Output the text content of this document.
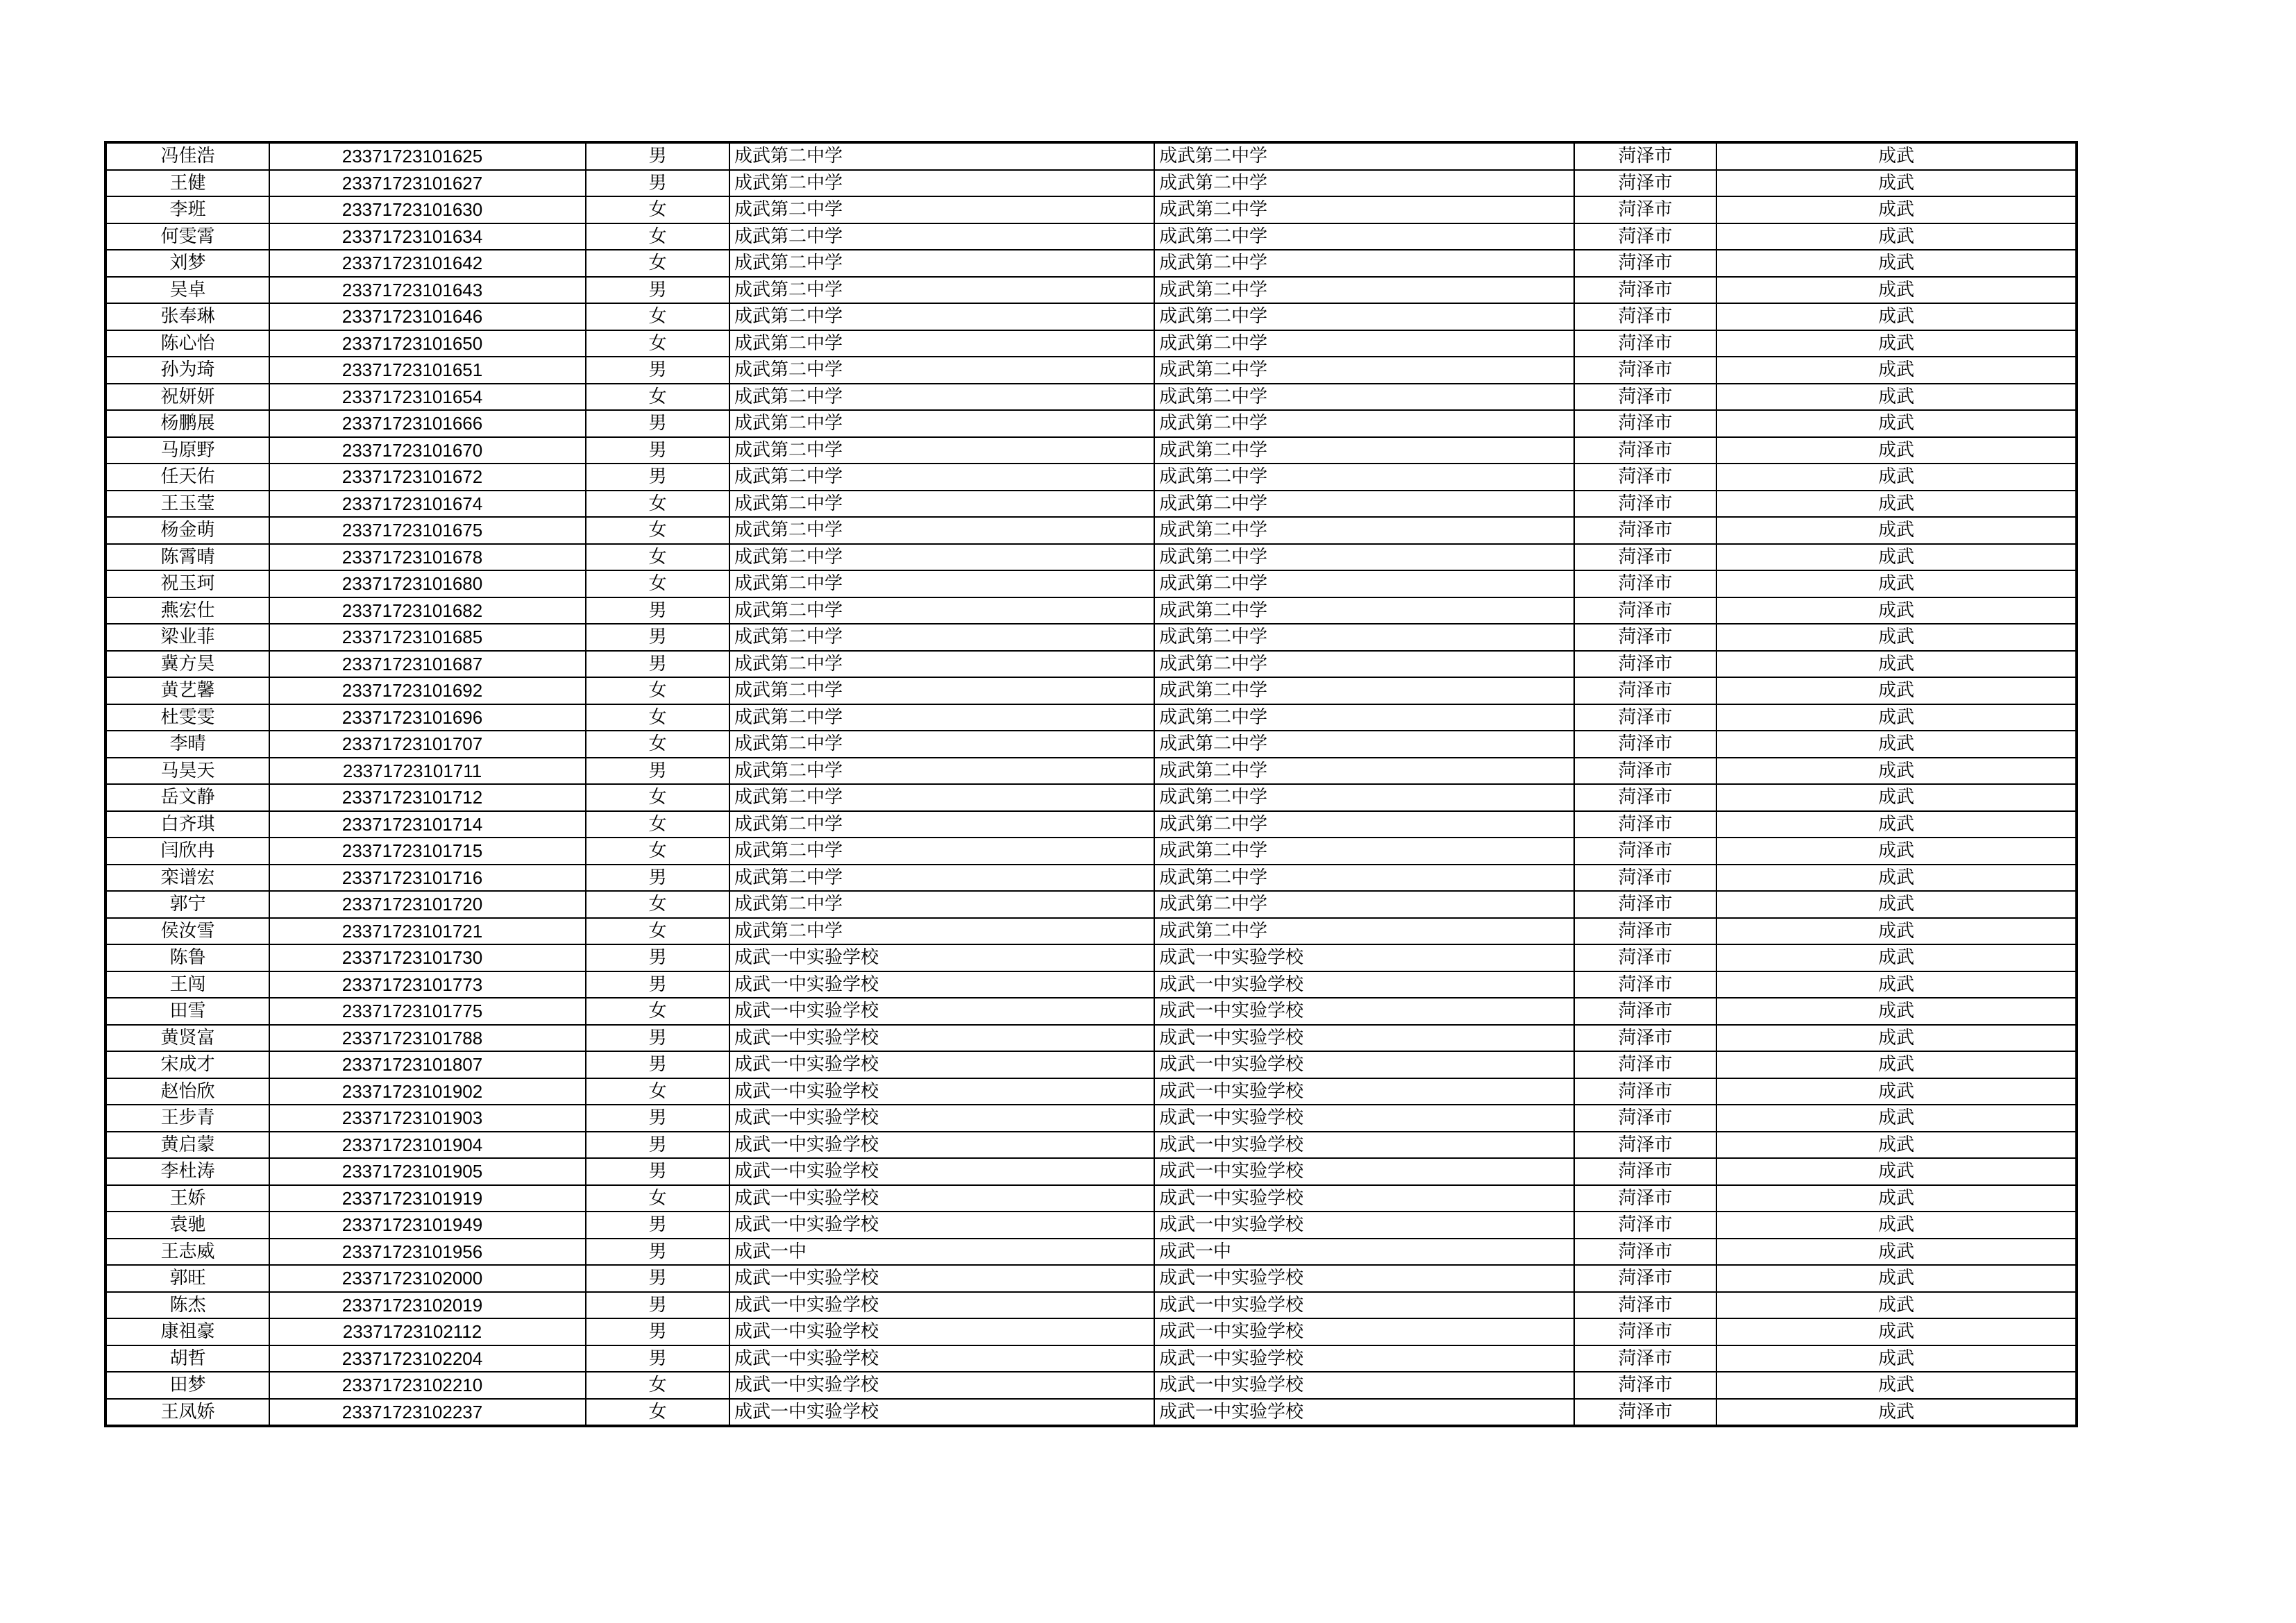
冯佳浩	23371723101625	男	成武第二中学	成武第二中学	菏泽市	成武
王健	23371723101627	男	成武第二中学	成武第二中学	菏泽市	成武
李班	23371723101630	女	成武第二中学	成武第二中学	菏泽市	成武
何雯霄	23371723101634	女	成武第二中学	成武第二中学	菏泽市	成武
刘梦	23371723101642	女	成武第二中学	成武第二中学	菏泽市	成武
吴卓	23371723101643	男	成武第二中学	成武第二中学	菏泽市	成武
张奉琳	23371723101646	女	成武第二中学	成武第二中学	菏泽市	成武
陈心怡	23371723101650	女	成武第二中学	成武第二中学	菏泽市	成武
孙为琦	23371723101651	男	成武第二中学	成武第二中学	菏泽市	成武
祝妍妍	23371723101654	女	成武第二中学	成武第二中学	菏泽市	成武
杨鹏展	23371723101666	男	成武第二中学	成武第二中学	菏泽市	成武
马原野	23371723101670	男	成武第二中学	成武第二中学	菏泽市	成武
任天佑	23371723101672	男	成武第二中学	成武第二中学	菏泽市	成武
王玉莹	23371723101674	女	成武第二中学	成武第二中学	菏泽市	成武
杨金萌	23371723101675	女	成武第二中学	成武第二中学	菏泽市	成武
陈霄晴	23371723101678	女	成武第二中学	成武第二中学	菏泽市	成武
祝玉珂	23371723101680	女	成武第二中学	成武第二中学	菏泽市	成武
燕宏仕	23371723101682	男	成武第二中学	成武第二中学	菏泽市	成武
梁业菲	23371723101685	男	成武第二中学	成武第二中学	菏泽市	成武
冀方昊	23371723101687	男	成武第二中学	成武第二中学	菏泽市	成武
黄艺馨	23371723101692	女	成武第二中学	成武第二中学	菏泽市	成武
杜雯雯	23371723101696	女	成武第二中学	成武第二中学	菏泽市	成武
李晴	23371723101707	女	成武第二中学	成武第二中学	菏泽市	成武
马昊天	23371723101711	男	成武第二中学	成武第二中学	菏泽市	成武
岳文静	23371723101712	女	成武第二中学	成武第二中学	菏泽市	成武
白齐琪	23371723101714	女	成武第二中学	成武第二中学	菏泽市	成武
闫欣冉	23371723101715	女	成武第二中学	成武第二中学	菏泽市	成武
栾谱宏	23371723101716	男	成武第二中学	成武第二中学	菏泽市	成武
郭宁	23371723101720	女	成武第二中学	成武第二中学	菏泽市	成武
侯汝雪	23371723101721	女	成武第二中学	成武第二中学	菏泽市	成武
陈鲁	23371723101730	男	成武一中实验学校	成武一中实验学校	菏泽市	成武
王闯	23371723101773	男	成武一中实验学校	成武一中实验学校	菏泽市	成武
田雪	23371723101775	女	成武一中实验学校	成武一中实验学校	菏泽市	成武
黄贤富	23371723101788	男	成武一中实验学校	成武一中实验学校	菏泽市	成武
宋成才	23371723101807	男	成武一中实验学校	成武一中实验学校	菏泽市	成武
赵怡欣	23371723101902	女	成武一中实验学校	成武一中实验学校	菏泽市	成武
王步青	23371723101903	男	成武一中实验学校	成武一中实验学校	菏泽市	成武
黄启蒙	23371723101904	男	成武一中实验学校	成武一中实验学校	菏泽市	成武
李杜涛	23371723101905	男	成武一中实验学校	成武一中实验学校	菏泽市	成武
王娇	23371723101919	女	成武一中实验学校	成武一中实验学校	菏泽市	成武
袁驰	23371723101949	男	成武一中实验学校	成武一中实验学校	菏泽市	成武
王志威	23371723101956	男	成武一中	成武一中	菏泽市	成武
郭旺	23371723102000	男	成武一中实验学校	成武一中实验学校	菏泽市	成武
陈杰	23371723102019	男	成武一中实验学校	成武一中实验学校	菏泽市	成武
康祖豪	23371723102112	男	成武一中实验学校	成武一中实验学校	菏泽市	成武
胡哲	23371723102204	男	成武一中实验学校	成武一中实验学校	菏泽市	成武
田梦	23371723102210	女	成武一中实验学校	成武一中实验学校	菏泽市	成武
王凤娇	23371723102237	女	成武一中实验学校	成武一中实验学校	菏泽市	成武
